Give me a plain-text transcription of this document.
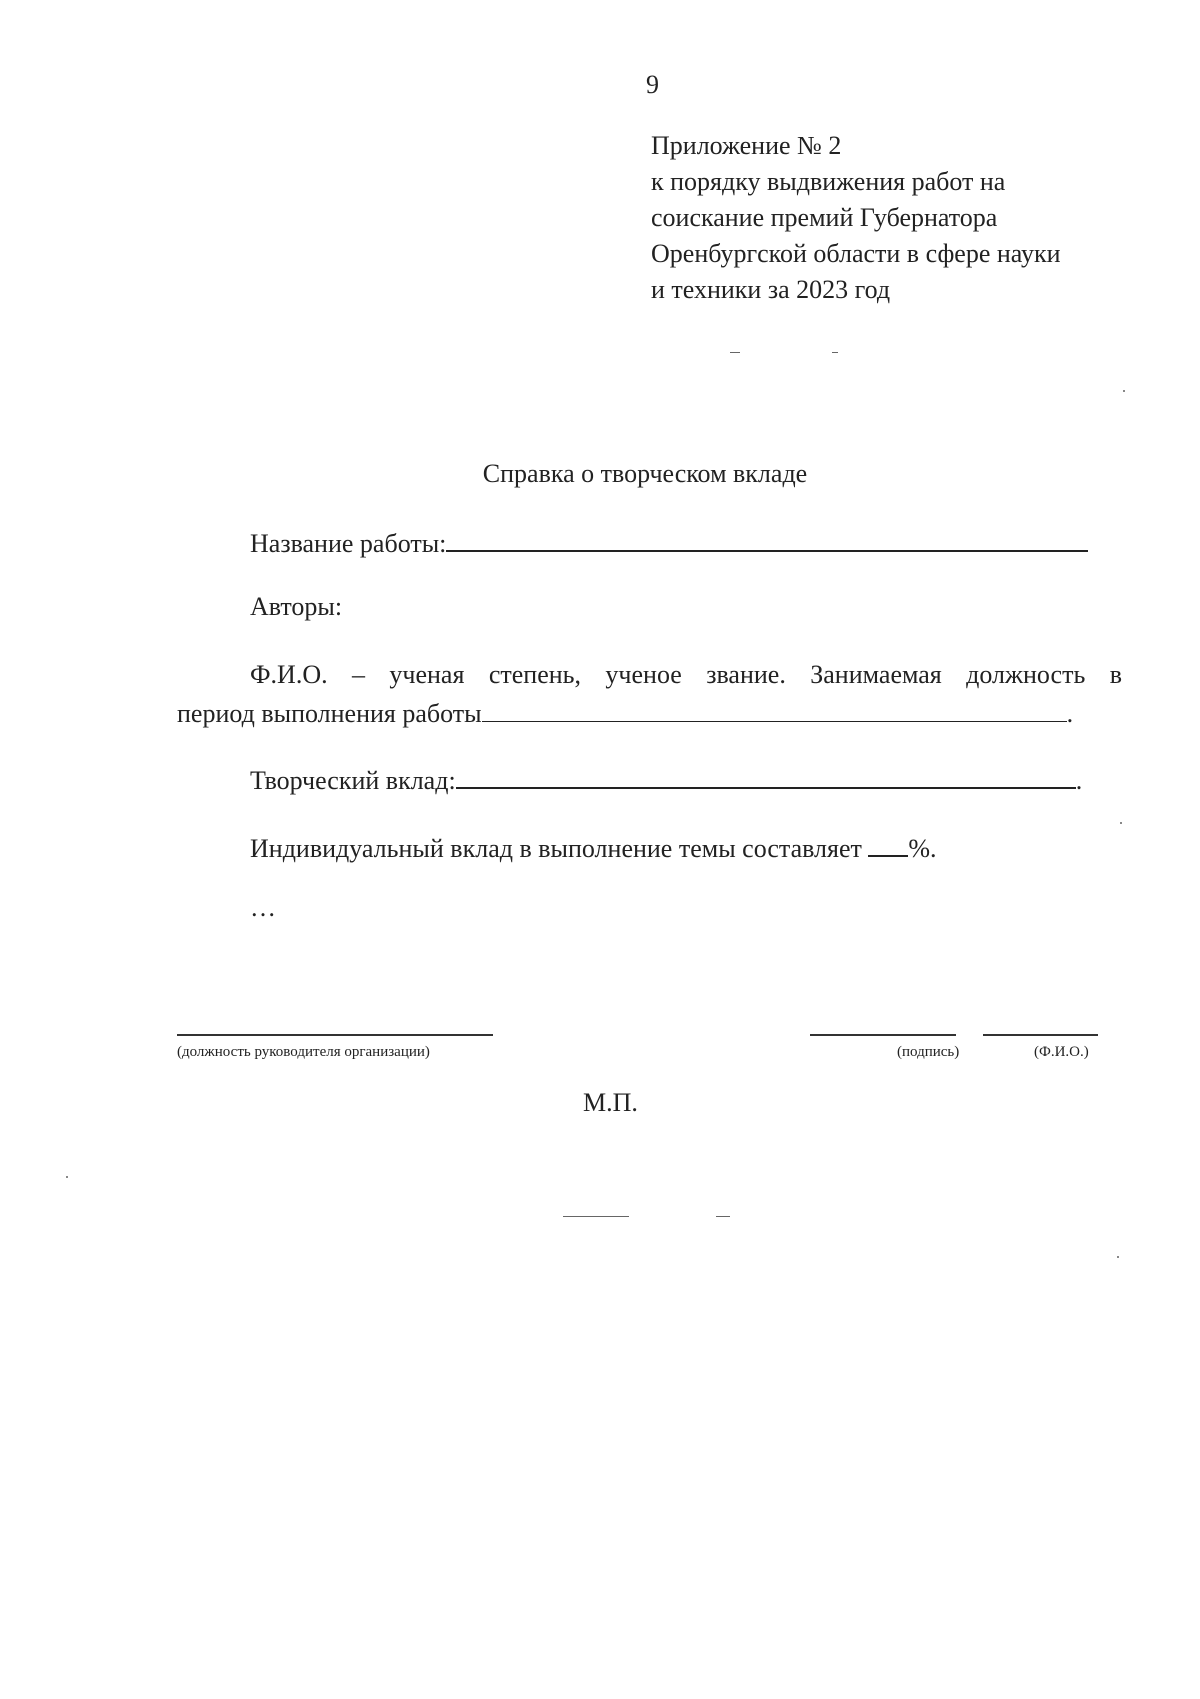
9
Приложение № 2
к порядку выдвижения работ на
соискание премий Губернатора
Оренбургской области в сфере науки
и техники за 2023 год
Справка о творческом вкладе
Название работы:
Авторы:
Ф.И.О. – ученая степень, ученое звание. Занимаемая должность в
период выполнения работы	.
Творческий вклад:	.
Индивидуальный вклад в выполнение темы составляет %.
…
(должность руководителя организации)	(подпись)	(Ф.И.О.)
М.П.
